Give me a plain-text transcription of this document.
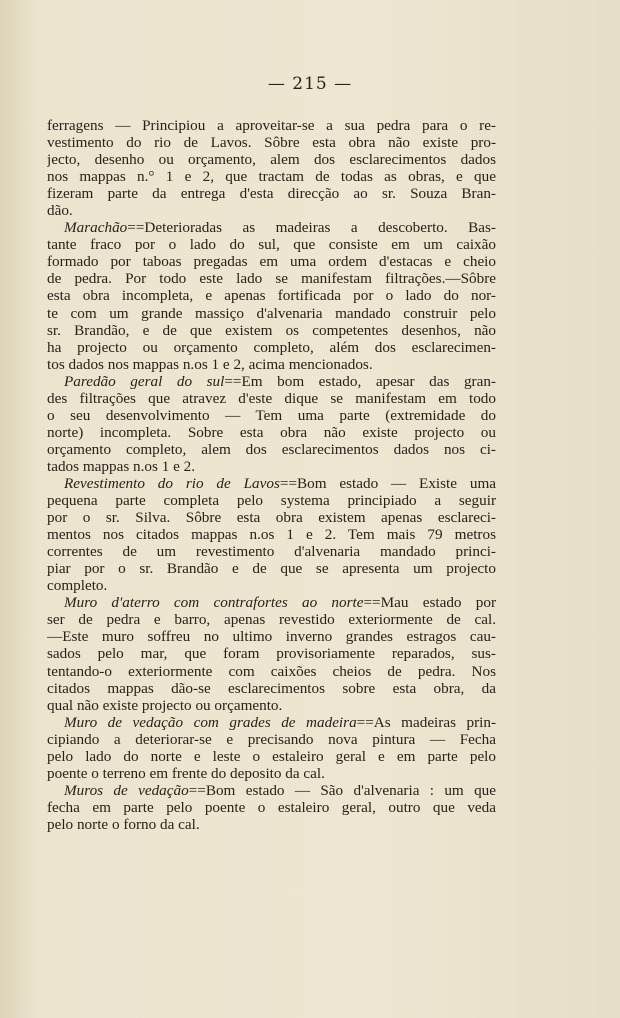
— 215 —
ferragens — Principiou a aproveitar-se a sua pedra para o re-
vestimento do rio de Lavos. Sôbre esta obra não existe pro-
jecto, desenho ou orçamento, alem dos esclarecimentos dados
nos mappas n.° 1 e 2, que tractam de todas as obras, e que
fizeram parte da entrega d'esta direcção ao sr. Souza Bran-
dão.
Marachão==Deterioradas as madeiras a descoberto. Bas-
tante fraco por o lado do sul, que consiste em um caixão
formado por taboas pregadas em uma ordem d'estacas e cheio
de pedra. Por todo este lado se manifestam filtrações.—Sôbre
esta obra incompleta, e apenas fortificada por o lado do nor-
te com um grande massiço d'alvenaria mandado construir pelo
sr. Brandão, e de que existem os competentes desenhos, não
ha projecto ou orçamento completo, além dos esclarecimen-
tos dados nos mappas n.os 1 e 2, acima mencionados.
Paredão geral do sul==Em bom estado, apesar das gran-
des filtrações que atravez d'este dique se manifestam em todo
o seu desenvolvimento — Tem uma parte (extremidade do
norte) incompleta. Sobre esta obra não existe projecto ou
orçamento completo, alem dos esclarecimentos dados nos ci-
tados mappas n.os 1 e 2.
Revestimento do rio de Lavos==Bom estado — Existe uma
pequena parte completa pelo systema principiado a seguir
por o sr. Silva. Sôbre esta obra existem apenas esclareci-
mentos nos citados mappas n.os 1 e 2. Tem mais 79 metros
correntes de um revestimento d'alvenaria mandado princi-
piar por o sr. Brandão e de que se apresenta um projecto
completo.
Muro d'aterro com contrafortes ao norte==Mau estado por
ser de pedra e barro, apenas revestido exteriormente de cal.
—Este muro soffreu no ultimo inverno grandes estragos cau-
sados pelo mar, que foram provisoriamente reparados, sus-
tentando-o exteriormente com caixões cheios de pedra. Nos
citados mappas dão-se esclarecimentos sobre esta obra, da
qual não existe projecto ou orçamento.
Muro de vedação com grades de madeira==As madeiras prin-
cipiando a deteriorar-se e precisando nova pintura — Fecha
pelo lado do norte e leste o estaleiro geral e em parte pelo
poente o terreno em frente do deposito da cal.
Muros de vedação==Bom estado — São d'alvenaria : um que
fecha em parte pelo poente o estaleiro geral, outro que veda
pelo norte o forno da cal.
